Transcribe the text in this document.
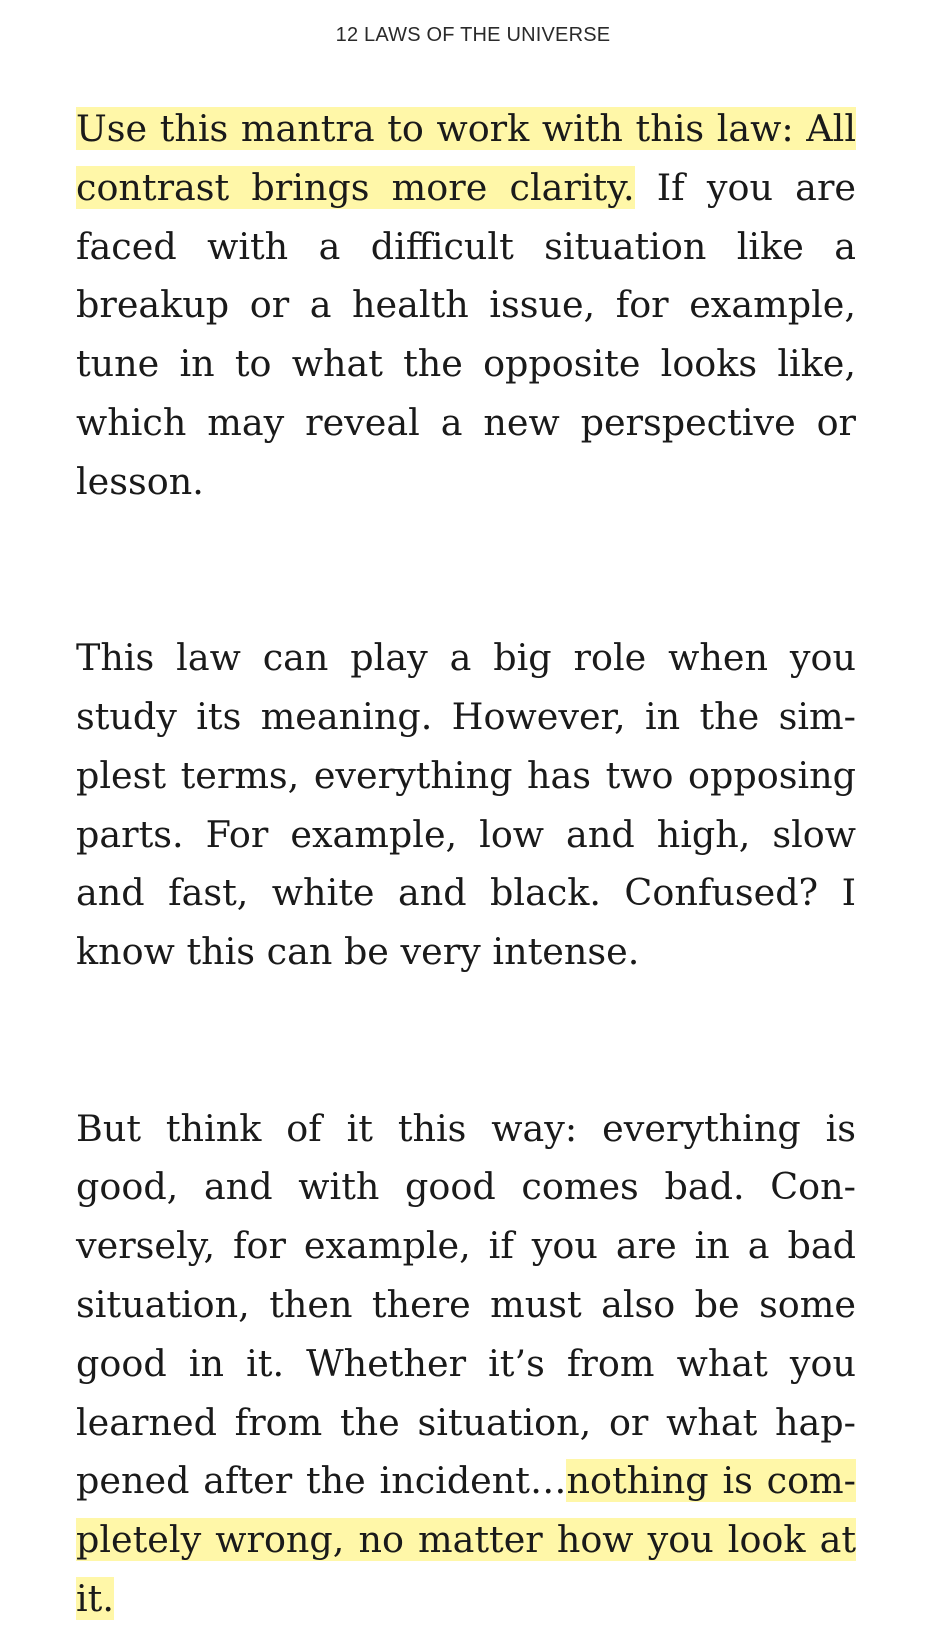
12 LAWS OF THE UNIVERSE

Use this mantra to work with this law: All contrast brings more clarity. If you are faced with a difficult situation like a breakup or a health issue, for example, tune in to what the opposite looks like, which may reveal a new perspective or lesson.

This law can play a big role when you study its meaning. However, in the simplest terms, everything has two opposing parts. For example, low and high, slow and fast, white and black. Confused? I know this can be very intense.

But think of it this way: everything is good, and with good comes bad. Conversely, for example, if you are in a bad situation, then there must also be some good in it. Whether it’s from what you learned from the situation, or what happened after the incident…nothing is completely wrong, no matter how you look at it.
